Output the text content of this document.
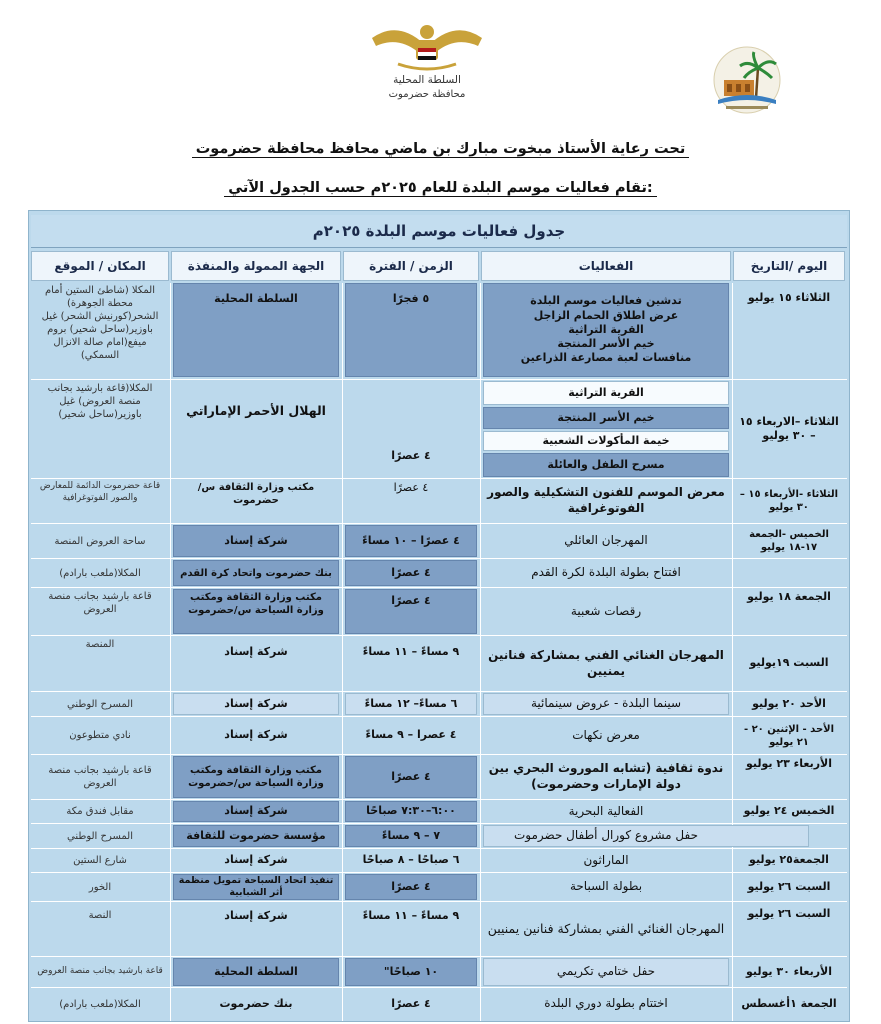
السلطة المحلية
محافظة حضرموت
تحت رعاية الأستاذ مبخوت مبارك بن ماضي محافظ محافظة حضرموت
تقام فعاليات موسم البلدة للعام ٢٠٢٥م حسب الجدول الآتي:
جدول فعاليات موسم البلدة ٢٠٢٥م
اليوم /التاريخ
الفعاليات
الزمن / الفترة
الجهة الممولة والمنفذة
المكان / الموقع
الثلاثاء ١٥ يوليو
تدشين فعاليات موسم البلدة
عرض اطلاق الحمام الزاجل
القرية التراثية
خيم الأسر المنتجة
منافسات لعبة مصارعة الذراعين
٥ فجرًا
السلطة المحلية
المكلا (شاطئ الستين أمام محطة الجوهرة) الشحر(كورنيش الشحر) غيل باوزير(ساحل شحير) بروم ميفع(امام صالة الانزال السمكي)
الثلاثاء –الاربعاء ١٥ – ٣٠ يوليو
القرية التراثية
خيم الأسر المنتجة
خيمة المأكولات الشعبية
مسرح الطفل والعائلة
٤ عصرًا
الهلال الأحمر الإماراتي
المكلا(قاعة بارشيد بجانب منصة العروض) غيل باوزير(ساحل شحير)
الثلاثاء -الأربعاء ١٥ – ٣٠ يوليو
معرض الموسم للفنون التشكيلية والصور الفوتوغرافية
٤ عصرًا
مكتب وزارة الثقافة س/ حضرموت
قاعة حضرموت الدائمة للمعارض والصور الفوتوغرافية
الخميس -الجمعة ١٧-١٨ يوليو
المهرجان العائلي
٤ عصرًا – ١٠ مساءً
شركة إسناد
ساحة العروض المنصة
الجمعة ١٨ يوليو
افتتاح بطولة البلدة لكرة القدم
٤ عصرًا
بنك حضرموت واتحاد كرة القدم
المكلا(ملعب بارادم)
رقصات شعبية
٤ عصرًا
مكتب وزارة الثقافة ومكتب وزارة السياحة س/حضرموت
قاعة بارشيد بجانب منصة العروض
السبت ١٩يوليو
المهرجان الغنائي الفني بمشاركة فنانين يمنيين
٩ مساءً – ١١ مساءً
شركة إسناد
المنصة
الأحد ٢٠ يوليو
سينما البلدة - عروض سينمائية
٦ مساءً– ١٢ مساءً
شركة إسناد
المسرح الوطني
الأحد - الإثنين ٢٠ - ٢١ يوليو
معرض نكهات
٤ عصرا – ٩ مساءً
شركة إسناد
نادي متطوعون
الأربعاء ٢٣ يوليو
ندوة ثقافية (تشابه الموروث البحري بين دولة الإمارات وحضرموت)
٤ عصرًا
مكتب وزارة الثقافة ومكتب وزارة السياحة س/حضرموت
قاعة بارشيد بجانب منصة العروض
الخميس ٢٤ يوليو
الفعالية البحرية
٦:٠٠–٧:٣٠ صباحًا
شركة إسناد
مقابل فندق مكة
حفل مشروع كورال أطفال حضرموت
٧ – ٩ مساءً
مؤسسة حضرموت للثقافة
المسرح الوطني
الجمعة٢٥ يوليو
الماراثون
٦ صباحًا – ٨ صباحًا
شركة إسناد
شارع الستين
السبت ٢٦ يوليو
بطولة السباحة
٤ عصرًا
تنفيذ اتحاد السباحة تمويل منظمة أثر الشبابية
الخور
السبت ٢٦ يوليو
المهرجان الغنائي الفني بمشاركة فنانين يمنيين
٩ مساءً – ١١ مساءً
شركة إسناد
النصة
الأربعاء ٣٠ يوليو
حفل ختامي تكريمي
١٠ صباحًا"
السلطة المحلية
قاعة بارشيد بجانب منصة العروض
الجمعة ١أغسطس
اختتام بطولة دوري البلدة
٤ عصرًا
بنك حضرموت
المكلا(ملعب بارادم)
